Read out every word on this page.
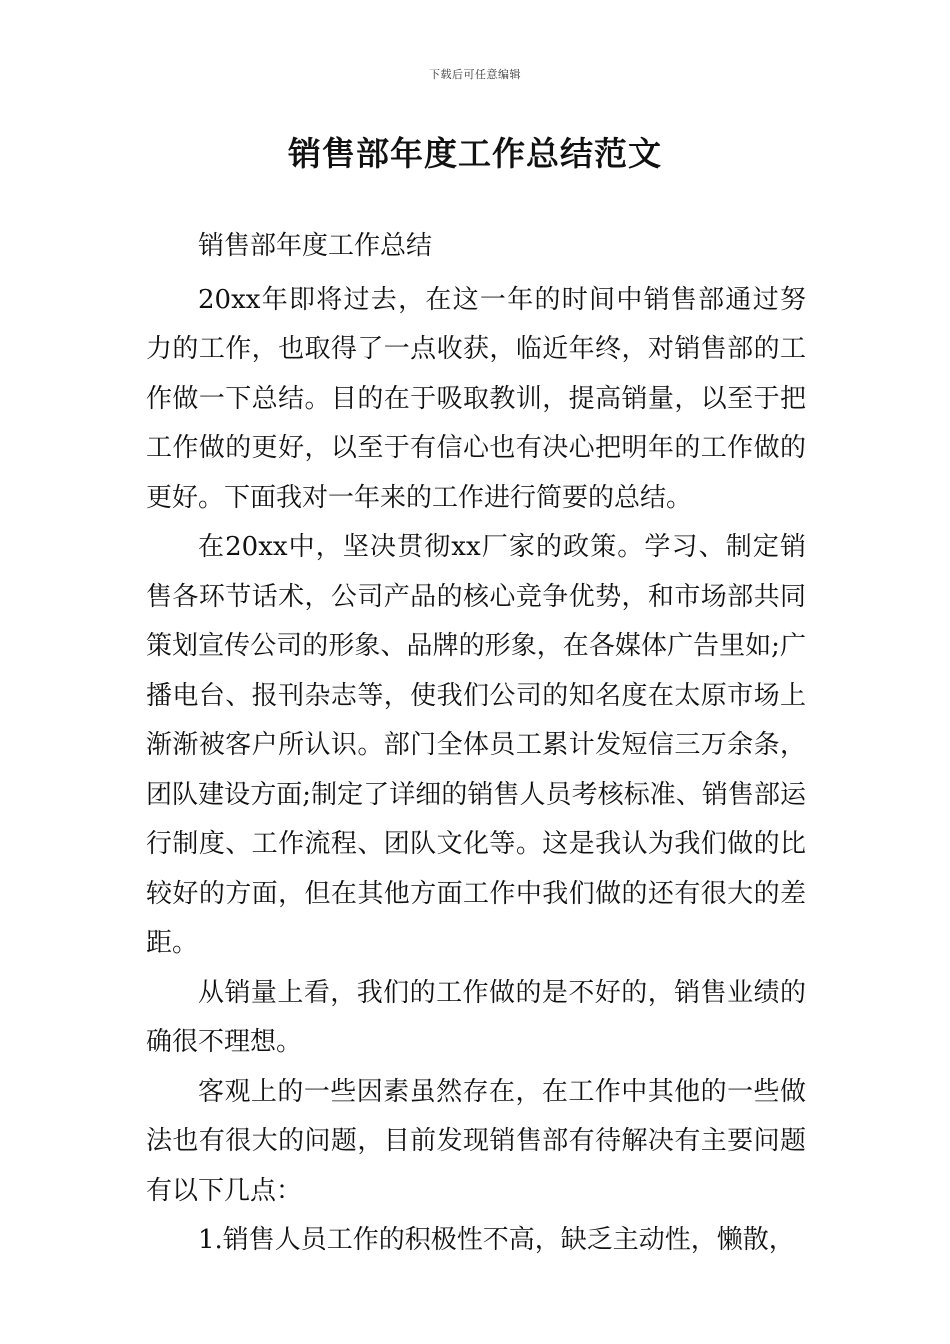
下载后可任意编辑
销售部年度工作总结范文

销售部年度工作总结

20xx年即将过去，在这一年的时间中销售部通过努力的工作，也取得了一点收获，临近年终，对销售部的工作做一下总结。目的在于吸取教训，提高销量，以至于把工作做的更好，以至于有信心也有决心把明年的工作做的更好。下面我对一年来的工作进行简要的总结。

在20xx中，坚决贯彻xx厂家的政策。学习、制定销售各环节话术，公司产品的核心竞争优势，和市场部共同策划宣传公司的形象、品牌的形象，在各媒体广告里如;广播电台、报刊杂志等，使我们公司的知名度在太原市场上渐渐被客户所认识。部门全体员工累计发短信三万余条，团队建设方面;制定了详细的销售人员考核标准、销售部运行制度、工作流程、团队文化等。这是我认为我们做的比较好的方面，但在其他方面工作中我们做的还有很大的差距。

从销量上看，我们的工作做的是不好的，销售业绩的确很不理想。

客观上的一些因素虽然存在，在工作中其他的一些做法也有很大的问题，目前发现销售部有待解决有主要问题有以下几点：

1.销售人员工作的积极性不高，缺乏主动性，懒散，
